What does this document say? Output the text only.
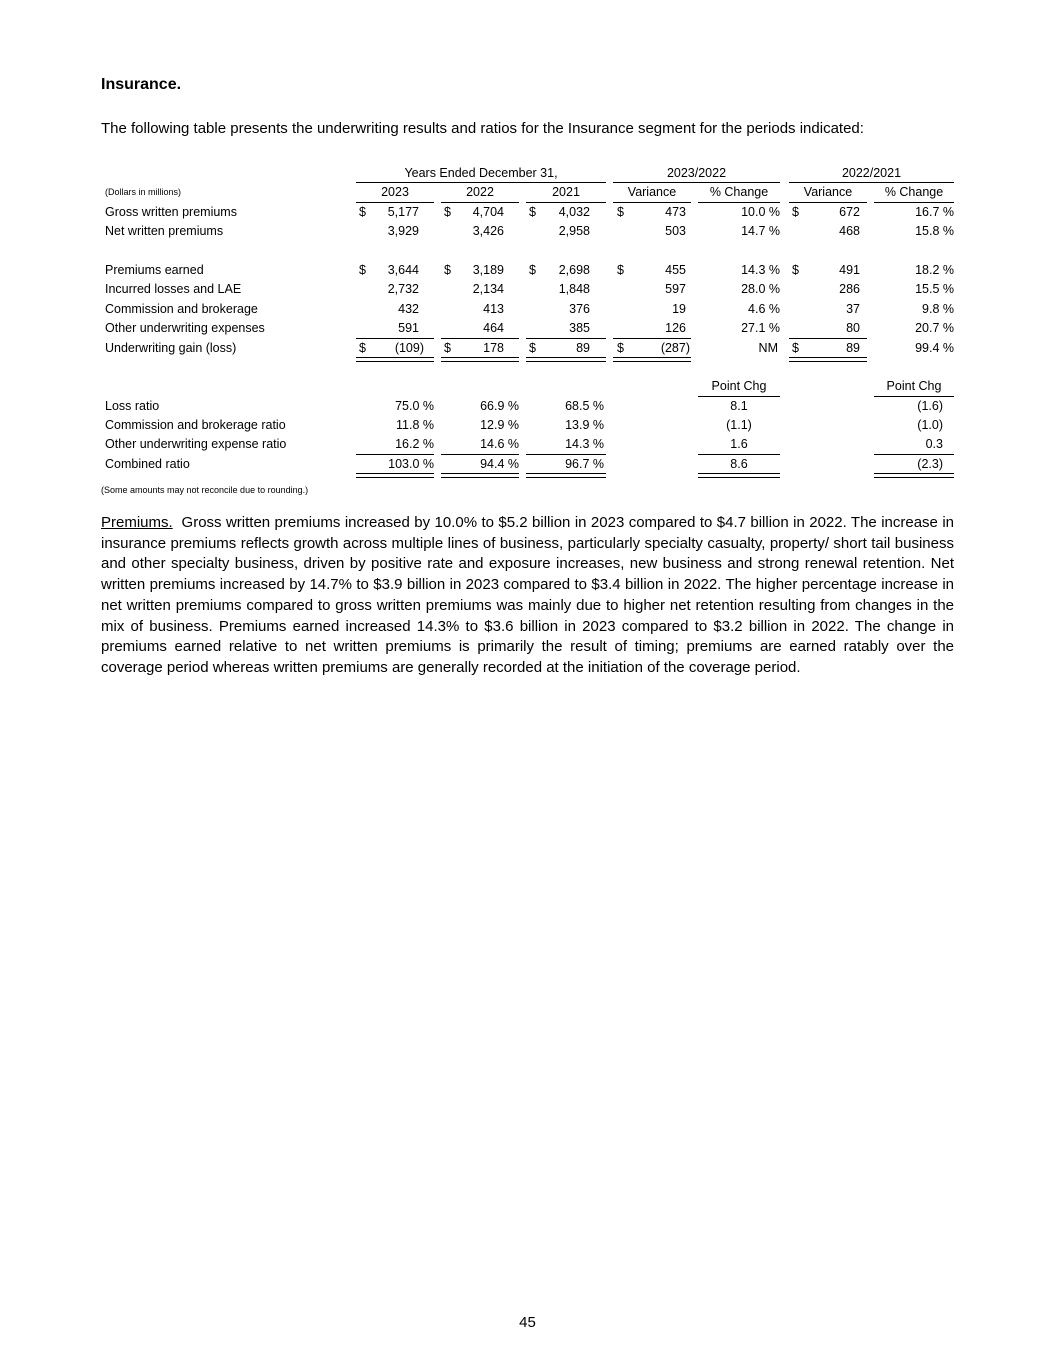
Insurance.
The following table presents the underwriting results and ratios for the Insurance segment for the periods indicated:
Years Ended December 31,	2023/2022	2022/2021
(Dollars in millions)	2023	2022	2021	Variance	% Change	Variance	% Change
Gross written premiums	$	5,177 $	4,704 $	4,032 $	473	10.0 % $	672	16.7 %
Net written premiums	3,929	3,426	2,958	503	14.7 %	468	15.8 %
Premiums earned	$	3,644 $	3,189 $	2,698 $	455	14.3 % $	491	18.2 %
Incurred losses and LAE	2,732	2,134	1,848	597	28.0 %	286	15.5 %
Commission and brokerage	432	413	376	19	4.6 %	37	9.8 %
Other underwriting expenses	591	464	385	126	27.1 %	80	20.7 %
Underwriting gain (loss)	$	(109) $	178 $	89 $	(287)	NM $	89	99.4 %
Point Chg	Point Chg
Loss ratio	75.0 %	66.9 %	68.5 %	8.1	(1.6)
Commission and brokerage ratio	11.8 %	12.9 %	13.9 %	(1.1)	(1.0)
Other underwriting expense ratio	16.2 %	14.6 %	14.3 %	1.6	0.3
Combined ratio	103.0 %	94.4 %	96.7 %	8.6	(2.3)
(Some amounts may not reconcile due to rounding.)
Premiums. Gross written premiums increased by 10.0% to $5.2 billion in 2023 compared to $4.7 billion in 2022. The increase in insurance premiums reflects growth across multiple lines of business, particularly specialty casualty, property/ short tail business and other specialty business, driven by positive rate and exposure increases, new business and strong renewal retention. Net written premiums increased by 14.7% to $3.9 billion in 2023 compared to $3.4 billion in 2022. The higher percentage increase in net written premiums compared to gross written premiums was mainly due to higher net retention resulting from changes in the mix of business. Premiums earned increased 14.3% to $3.6 billion in 2023 compared to $3.2 billion in 2022. The change in premiums earned relative to net written premiums is primarily the result of timing; premiums are earned ratably over the coverage period whereas written premiums are generally recorded at the initiation of the coverage period.
45
